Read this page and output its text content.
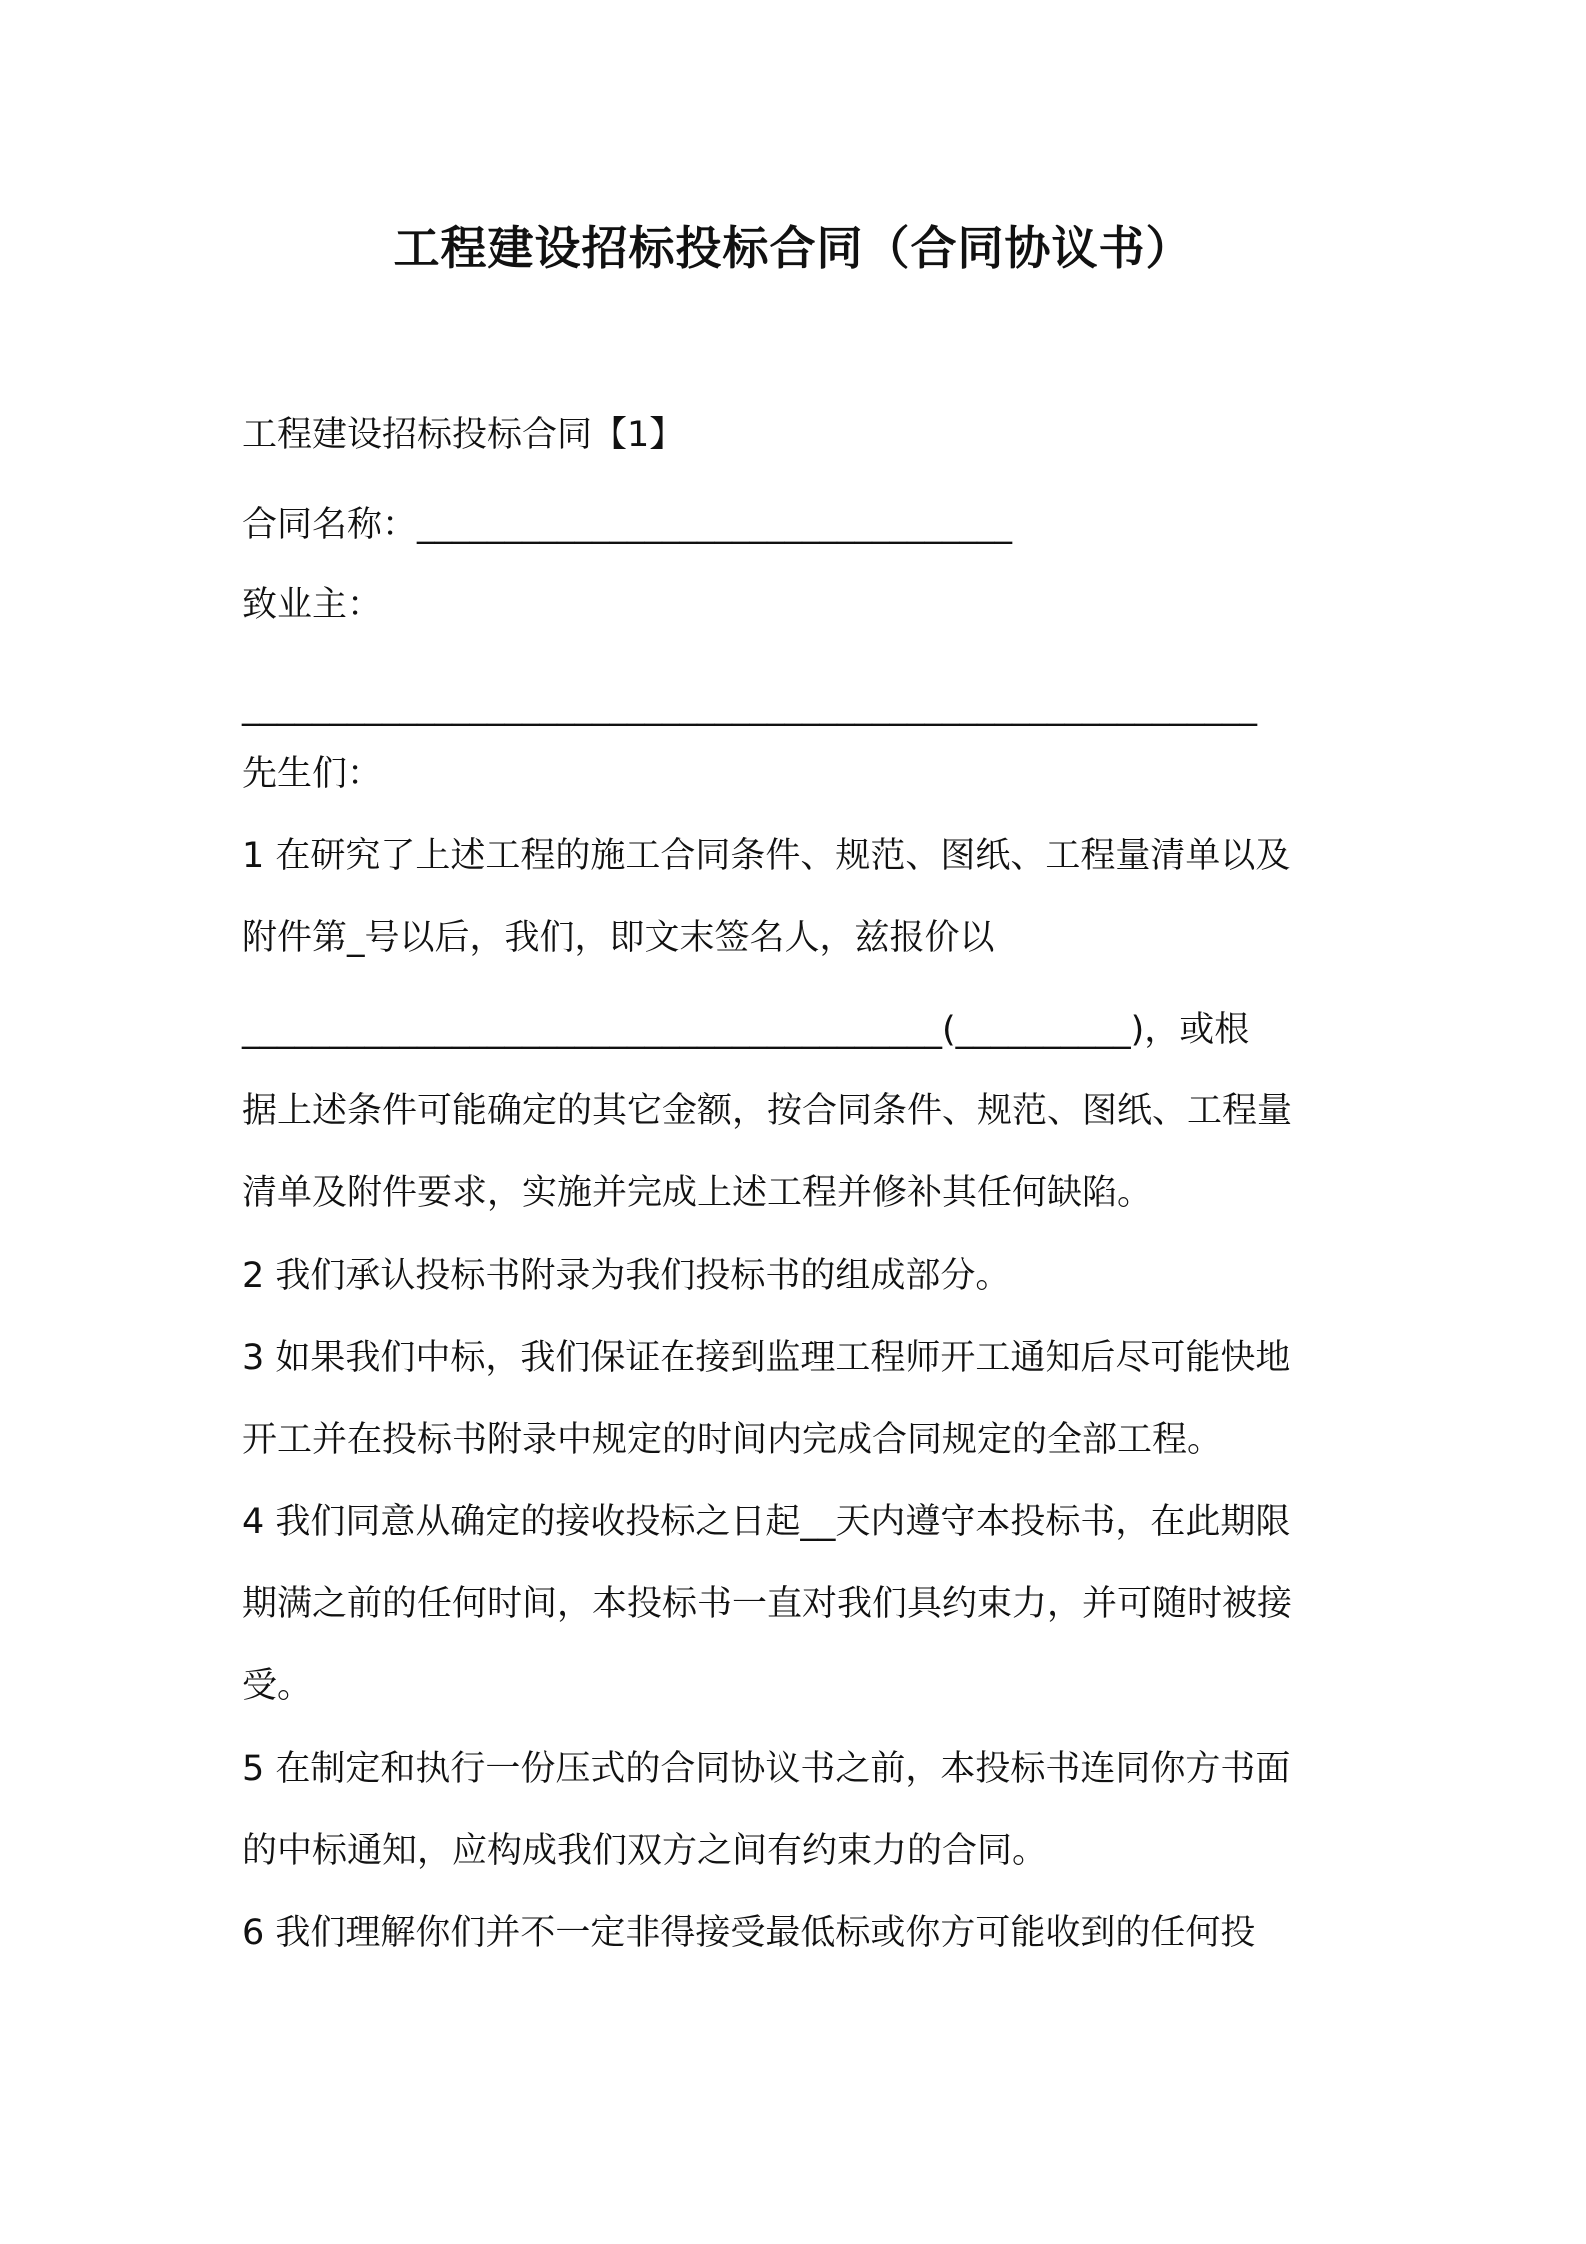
工程建设招标投标合同（合同协议书）
工程建设招标投标合同【1】
合同名称：__________________________________
致业主：
__________________________________________________________
先生们：
1 在研究了上述工程的施工合同条件、规范、图纸、工程量清单以及
附件第_号以后，我们，即文末签名人，兹报价以
________________________________________(__________)，或根
据上述条件可能确定的其它金额，按合同条件、规范、图纸、工程量
清单及附件要求，实施并完成上述工程并修补其任何缺陷。
2 我们承认投标书附录为我们投标书的组成部分。
3 如果我们中标，我们保证在接到监理工程师开工通知后尽可能快地
开工并在投标书附录中规定的时间内完成合同规定的全部工程。
4 我们同意从确定的接收投标之日起__天内遵守本投标书，在此期限
期满之前的任何时间，本投标书一直对我们具约束力，并可随时被接
受。
5 在制定和执行一份压式的合同协议书之前，本投标书连同你方书面
的中标通知，应构成我们双方之间有约束力的合同。
6 我们理解你们并不一定非得接受最低标或你方可能收到的任何投
